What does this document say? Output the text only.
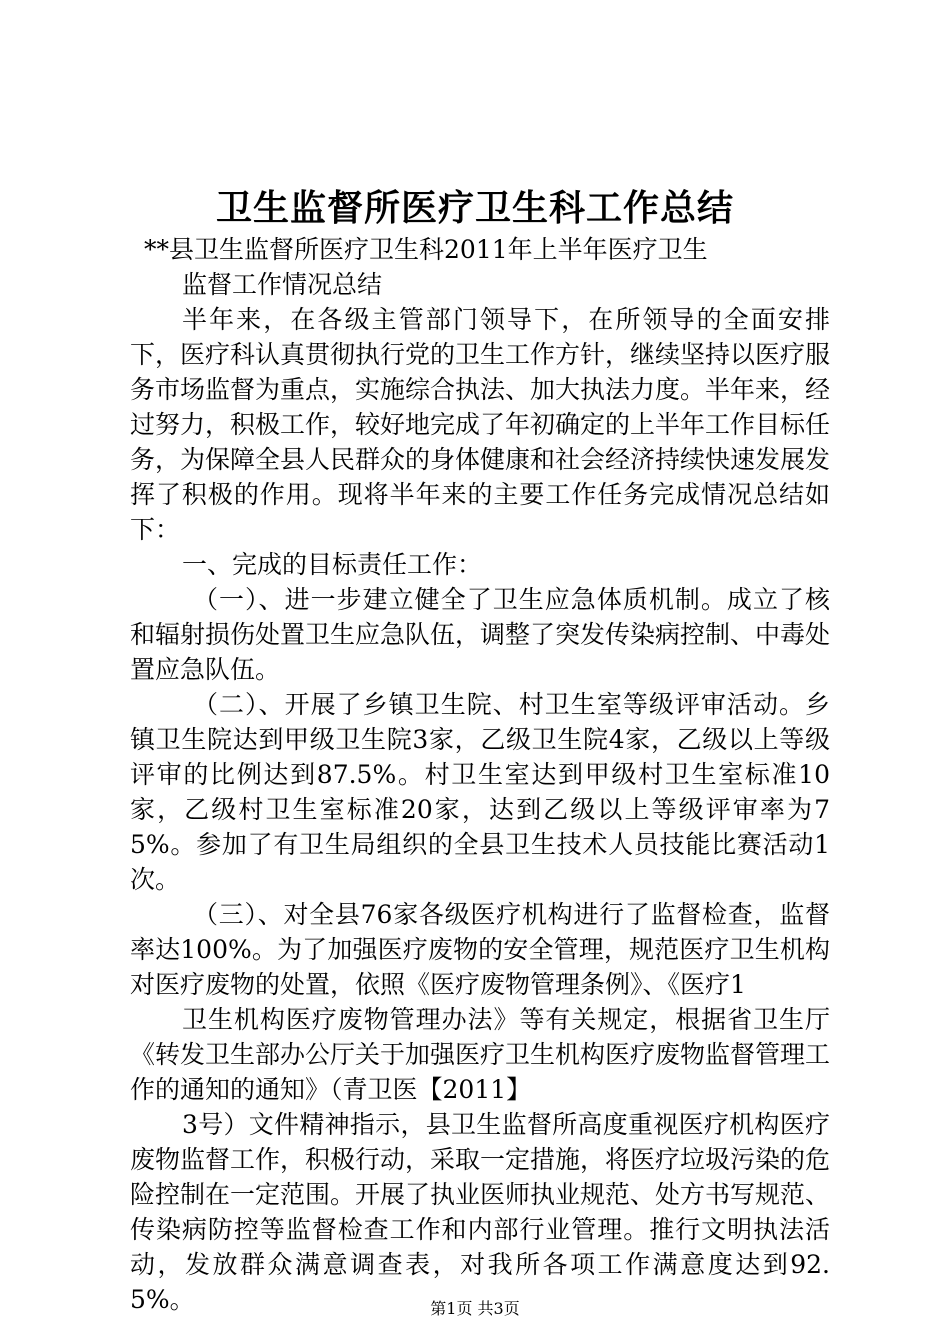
卫生监督所医疗卫生科工作总结
**县卫生监督所医疗卫生科2011年上半年医疗卫生
监督工作情况总结

半年来，在各级主管部门领导下，在所领导的全面安排下，医疗科认真贯彻执行党的卫生工作方针，继续坚持以医疗服务市场监督为重点，实施综合执法、加大执法力度。半年来，经过努力，积极工作，较好地完成了年初确定的上半年工作目标任务，为保障全县人民群众的身体健康和社会经济持续快速发展发挥了积极的作用。现将半年来的主要工作任务完成情况总结如下：

一、完成的目标责任工作：

（一）、进一步建立健全了卫生应急体质机制。成立了核和辐射损伤处置卫生应急队伍，调整了突发传染病控制、中毒处置应急队伍。

（二）、开展了乡镇卫生院、村卫生室等级评审活动。乡镇卫生院达到甲级卫生院3家，乙级卫生院4家，乙级以上等级评审的比例达到87.5%。村卫生室达到甲级村卫生室标准10家，乙级村卫生室标准20家，达到乙级以上等级评审率为75%。参加了有卫生局组织的全县卫生技术人员技能比赛活动1次。

（三）、对全县76家各级医疗机构进行了监督检查，监督率达100%。为了加强医疗废物的安全管理，规范医疗卫生机构对医疗废物的处置，依照《医疗废物管理条例》、《医疗1

卫生机构医疗废物管理办法》等有关规定，根据省卫生厅《转发卫生部办公厅关于加强医疗卫生机构医疗废物监督管理工作的通知的通知》（青卫医【2011】

3号）文件精神指示，县卫生监督所高度重视医疗机构医疗废物监督工作，积极行动，采取一定措施，将医疗垃圾污染的危险控制在一定范围。开展了执业医师执业规范、处方书写规范、传染病防控等监督检查工作和内部行业管理。推行文明执法活动，发放群众满意调查表，对我所各项工作满意度达到92.5%。	第1页 共3页
